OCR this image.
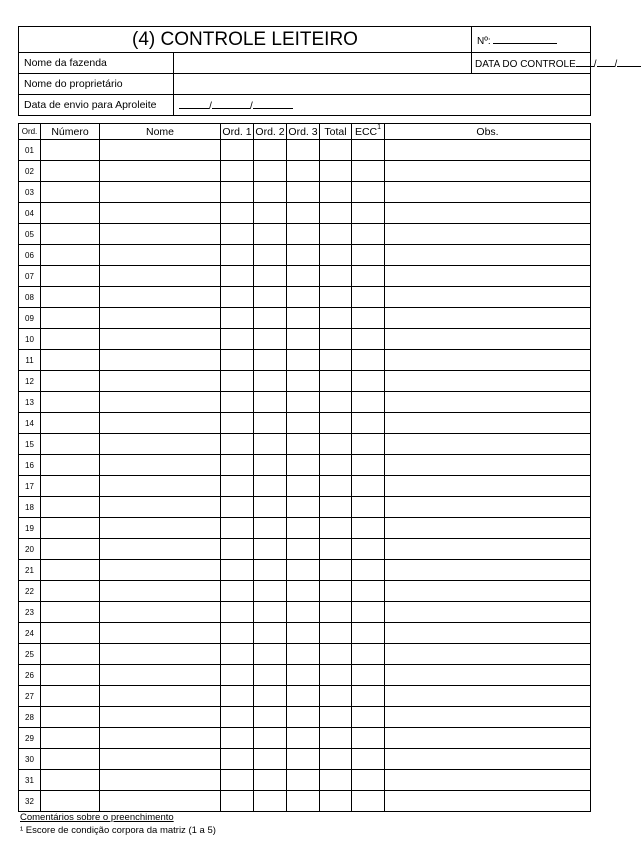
(4) CONTROLE LEITEIRO		Nº:
Nome da fazenda		DATA DO CONTROLE / /
Nome do proprietário		
Data de envio para Aproleite	/ /	
Ord.	Número	Nome	Ord. 1	Ord. 2	Ord. 3	Total	ECC$^1$	Obs.
01								
02								
03								
04								
05								
06								
07								
08								
09								
10								
11								
12								
13								
14								
15								
16								
17								
18								
19								
20								
21								
22								
23								
24								
25								
26								
27								
28								
29								
30								
31								
32								
Comentários sobre o preenchimento
¹ Escore de condição corpora da matriz (1 a 5)
